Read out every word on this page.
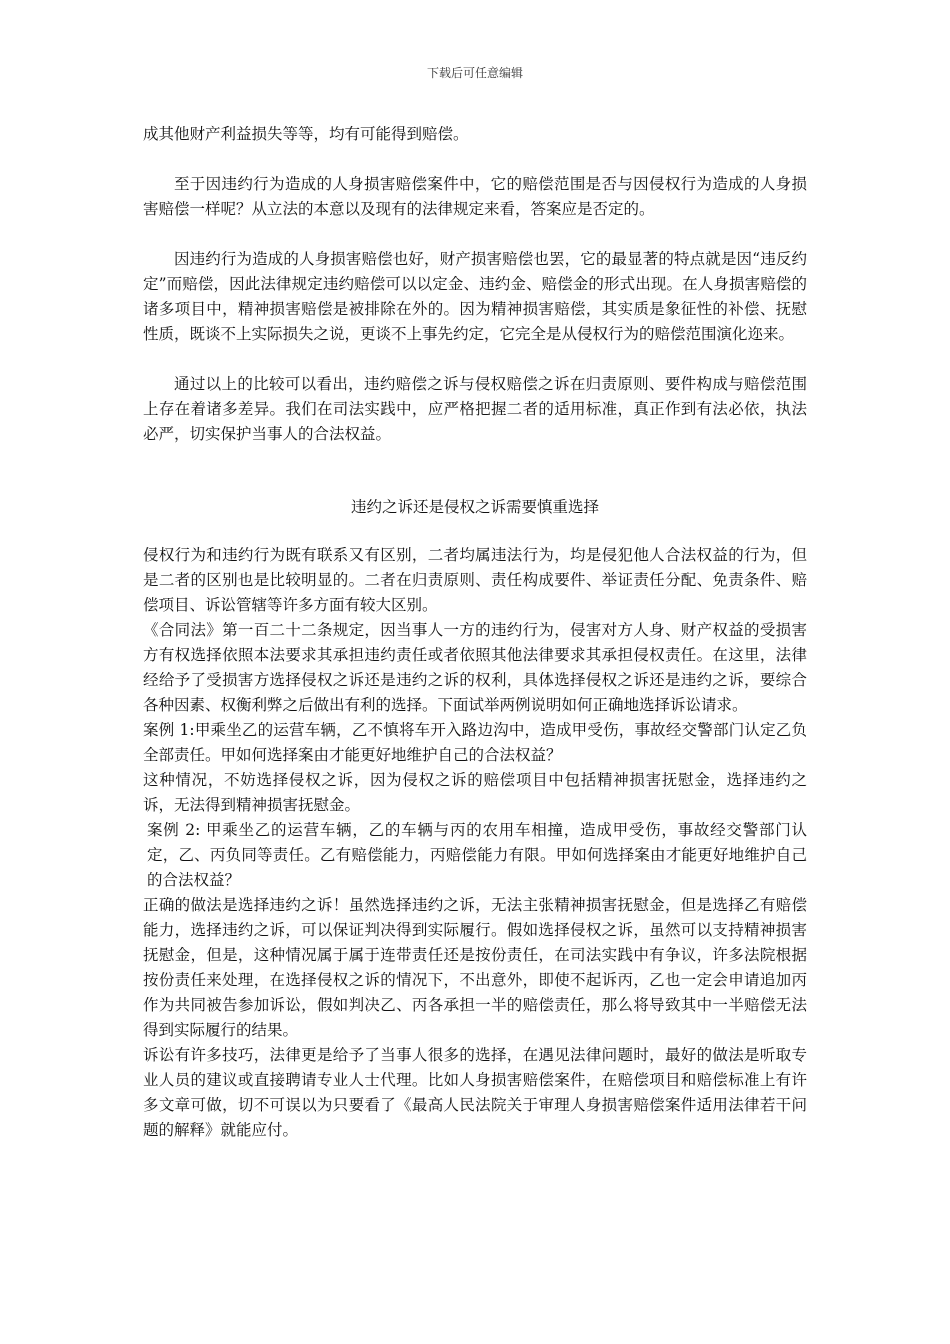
下载后可任意编辑

成其他财产利益损失等等，均有可能得到赔偿。

至于因违约行为造成的人身损害赔偿案件中，它的赔偿范围是否与因侵权行为造成的人身损害赔偿一样呢？从立法的本意以及现有的法律规定来看，答案应是否定的。

因违约行为造成的人身损害赔偿也好，财产损害赔偿也罢，它的最显著的特点就是因“违反约定”而赔偿，因此法律规定违约赔偿可以以定金、违约金、赔偿金的形式出现。在人身损害赔偿的诸多项目中，精神损害赔偿是被排除在外的。因为精神损害赔偿，其实质是象征性的补偿、抚慰性质，既谈不上实际损失之说，更谈不上事先约定，它完全是从侵权行为的赔偿范围演化迩来。

通过以上的比较可以看出，违约赔偿之诉与侵权赔偿之诉在归责原则、要件构成与赔偿范围上存在着诸多差异。我们在司法实践中，应严格把握二者的适用标准，真正作到有法必依，执法必严，切实保护当事人的合法权益。

违约之诉还是侵权之诉需要慎重选择

侵权行为和违约行为既有联系又有区别，二者均属违法行为，均是侵犯他人合法权益的行为，但是二者的区别也是比较明显的。二者在归责原则、责任构成要件、举证责任分配、免责条件、赔偿项目、诉讼管辖等许多方面有较大区别。

《合同法》第一百二十二条规定，因当事人一方的违约行为，侵害对方人身、财产权益的受损害方有权选择依照本法要求其承担违约责任或者依照其他法律要求其承担侵权责任。在这里，法律经给予了受损害方选择侵权之诉还是违约之诉的权利，具体选择侵权之诉还是违约之诉，要综合各种因素、权衡利弊之后做出有利的选择。下面试举两例说明如何正确地选择诉讼请求。

案例 1:甲乘坐乙的运营车辆，乙不慎将车开入路边沟中，造成甲受伤，事故经交警部门认定乙负全部责任。甲如何选择案由才能更好地维护自己的合法权益？

这种情况，不妨选择侵权之诉，因为侵权之诉的赔偿项目中包括精神损害抚慰金，选择违约之诉，无法得到精神损害抚慰金。

案例 2: 甲乘坐乙的运营车辆，乙的车辆与丙的农用车相撞，造成甲受伤，事故经交警部门认定，乙、丙负同等责任。乙有赔偿能力，丙赔偿能力有限。甲如何选择案由才能更好地维护自己的合法权益？

正确的做法是选择违约之诉！虽然选择违约之诉，无法主张精神损害抚慰金，但是选择乙有赔偿能力，选择违约之诉，可以保证判决得到实际履行。假如选择侵权之诉，虽然可以支持精神损害抚慰金，但是，这种情况属于属于连带责任还是按份责任，在司法实践中有争议，许多法院根据按份责任来处理，在选择侵权之诉的情况下，不出意外，即使不起诉丙，乙也一定会申请追加丙作为共同被告参加诉讼，假如判决乙、丙各承担一半的赔偿责任，那么将导致其中一半赔偿无法得到实际履行的结果。

诉讼有许多技巧，法律更是给予了当事人很多的选择，在遇见法律问题时，最好的做法是听取专业人员的建议或直接聘请专业人士代理。比如人身损害赔偿案件，在赔偿项目和赔偿标准上有许多文章可做，切不可误以为只要看了《最高人民法院关于审理人身损害赔偿案件适用法律若干问题的解释》就能应付。
